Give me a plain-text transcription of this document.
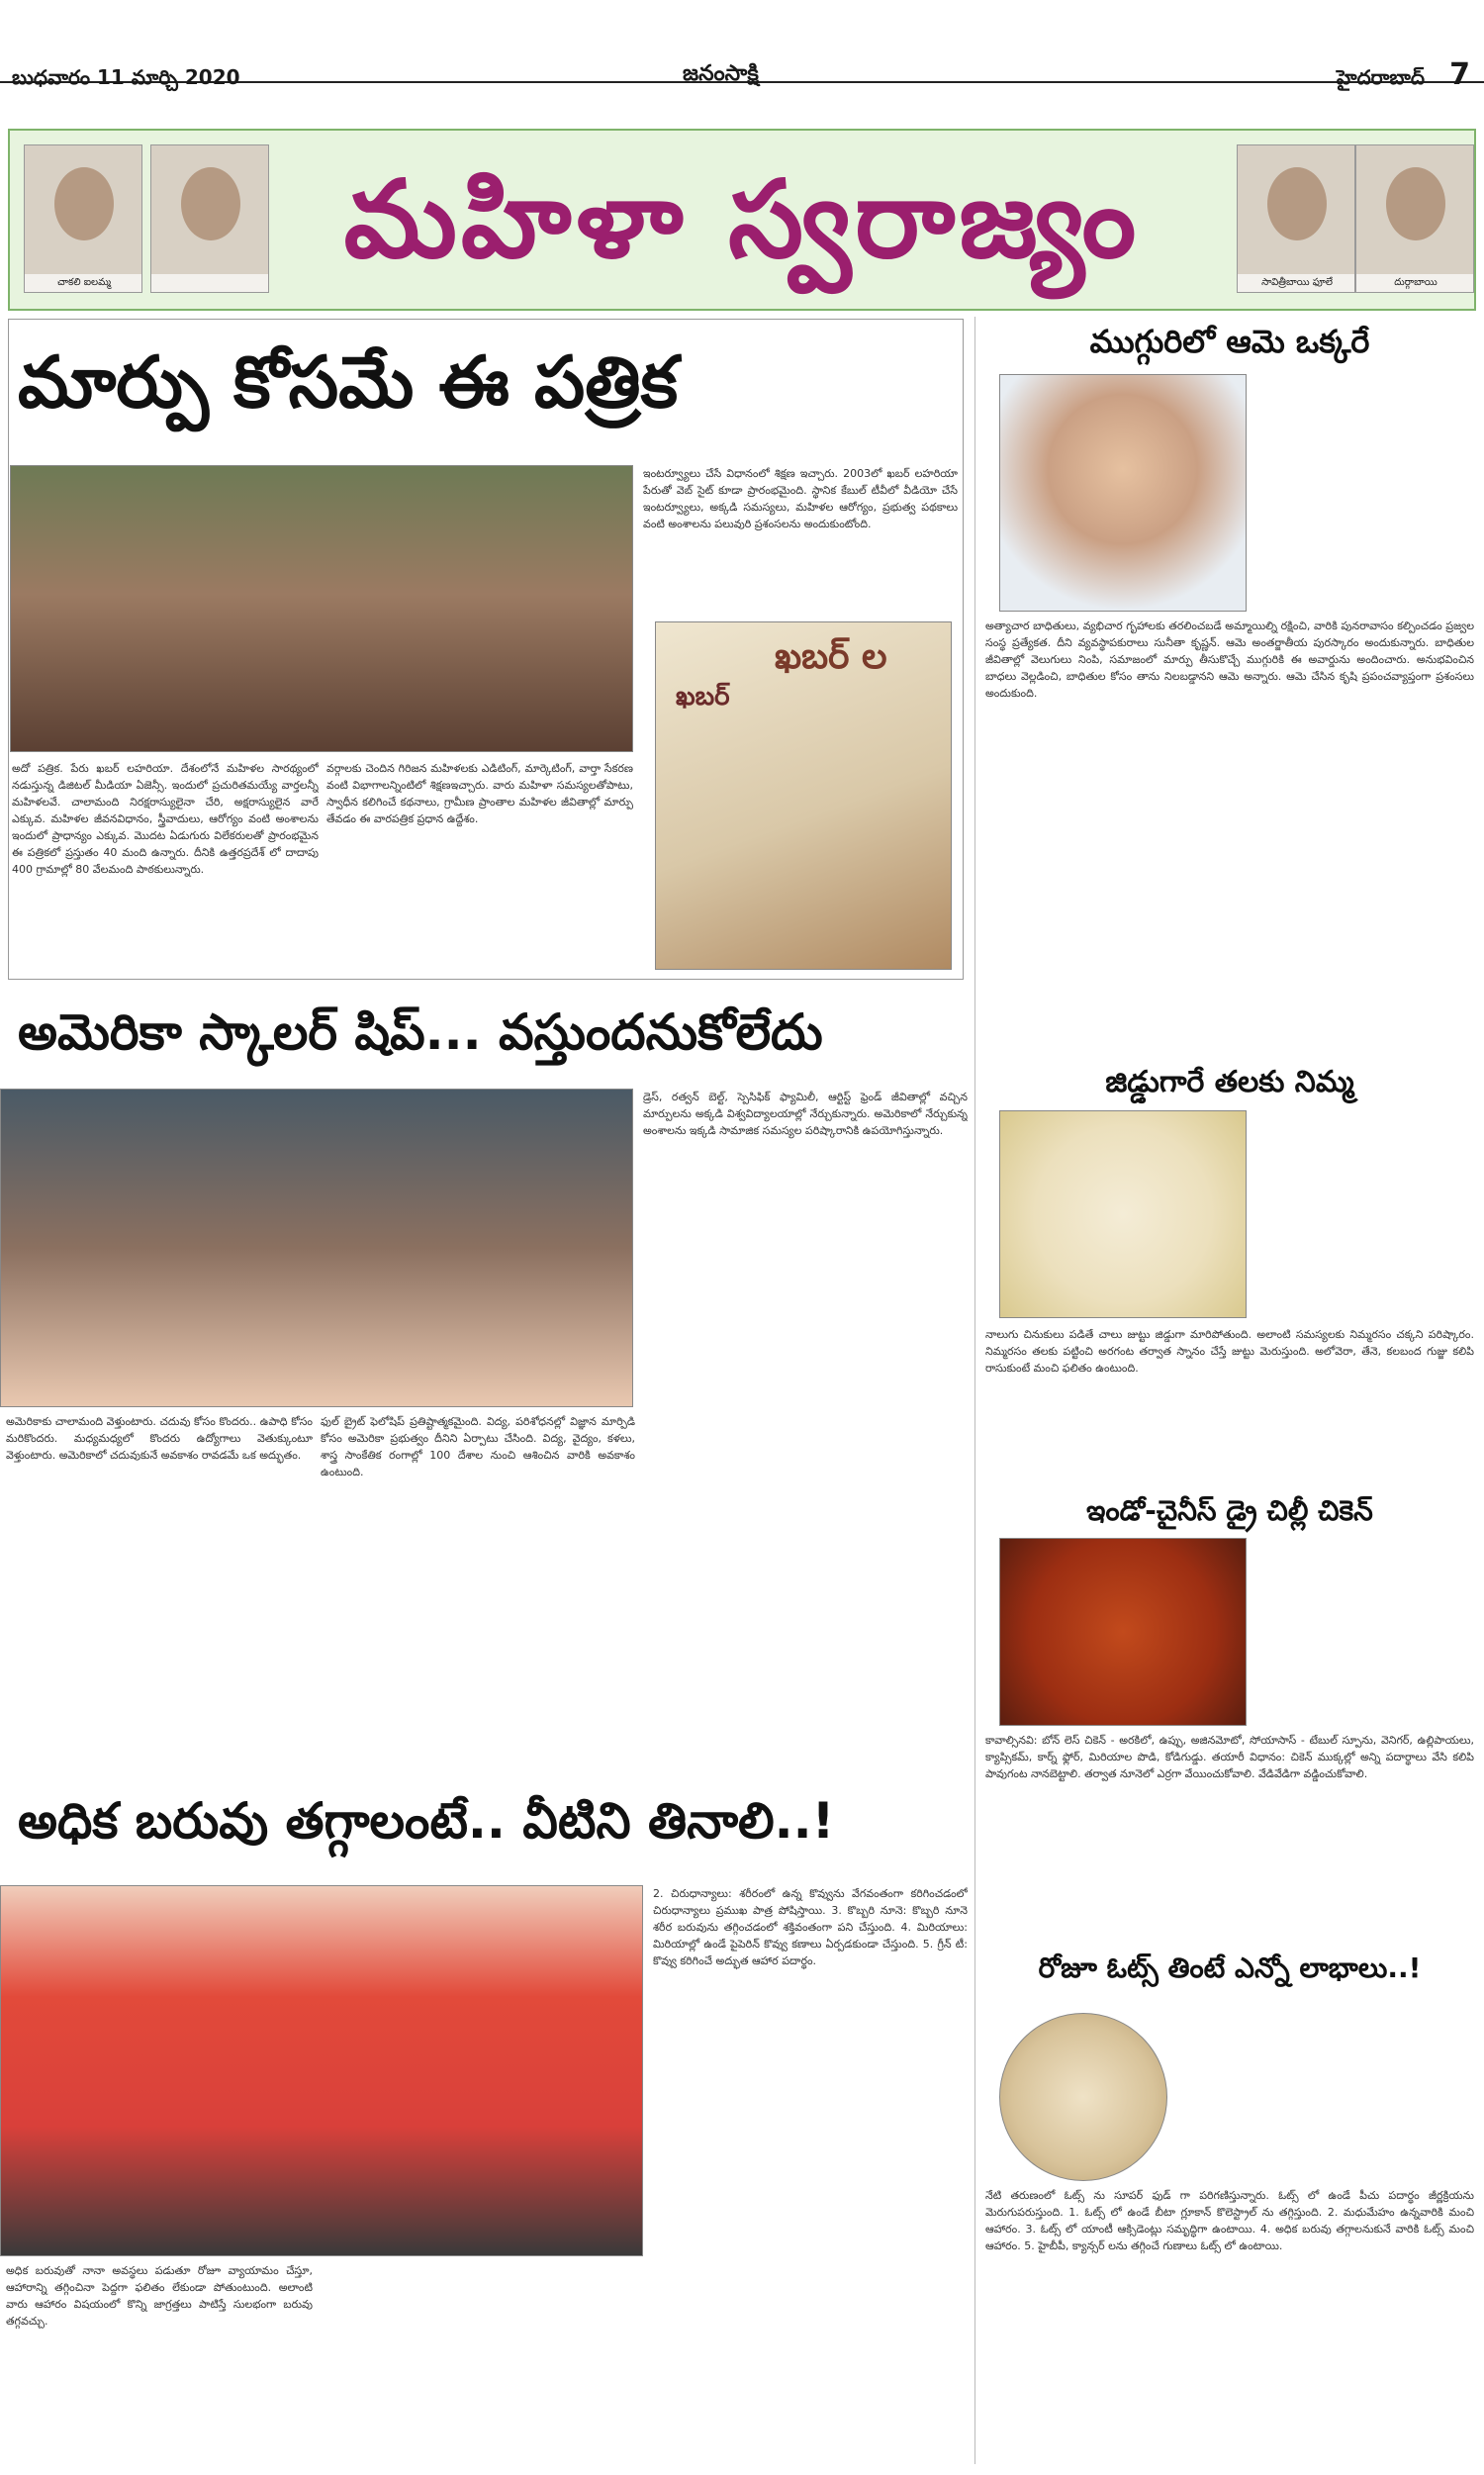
బుధవారం 11 మార్చి 2020	జనంసాక్షి	హైదరాబాద్ 7
చాకలి ఐలమ్మ
మహిళా స్వరాజ్యం
సావిత్రీబాయి ఫూలే	దుర్గాబాయి
మార్పు కోసమే ఈ పత్రిక
అదో పత్రిక. పేరు ఖబర్ లహరియా. దేశంలోనే మహిళల సారథ్యంలో నడుస్తున్న డిజిటల్ మీడియా ఏజెన్సీ. ఇందులో ప్రచురితమయ్యే వార్తలన్నీ మహిళలవే. చాలామంది నిరక్షరాస్యులైనా చేరి, అక్షరాస్యులైన వారే ఎక్కువ. మహిళల జీవనవిధానం, స్త్రీవాదులు, ఆరోగ్యం వంటి అంశాలను ఇందులో ప్రాధాన్యం ఎక్కువ. మొదట ఏడుగురు విలేకరులతో ప్రారంభమైన ఈ పత్రికలో ప్రస్తుతం 40 మంది ఉన్నారు. దీనికి ఉత్తరప్రదేశ్ లో దాదాపు 400 గ్రామాల్లో 80 వేలమంది పాఠకులున్నారు.
వర్గాలకు చెందిన గిరిజన మహిళలకు ఎడిటింగ్, మార్కెటింగ్, వార్తా సేకరణ వంటి విభాగాలన్నింటిలో శిక్షణఇచ్చారు. వారు మహిళా సమస్యలతోపాటు, స్వాధీన కలిగించే కథనాలు, గ్రామీణ ప్రాంతాల మహిళల జీవితాల్లో మార్పు తేవడం ఈ వారపత్రిక ప్రధాన ఉద్దేశం.
ఇంటర్వ్యూలు చేసే విధానంలో శిక్షణ ఇచ్చారు. 2003లో ఖబర్ లహరియా పేరుతో వెబ్ సైట్ కూడా ప్రారంభమైంది. స్థానిక కేబుల్ టీవీలో వీడియో చేసే ఇంటర్వ్యూలు, అక్కడి సమస్యలు, మహిళల ఆరోగ్యం, ప్రభుత్వ పథకాలు వంటి అంశాలను పలువురి ప్రశంసలను అందుకుంటోంది.
ఖబర్ ల
ఖబర్
అమెరికా స్కాలర్ షిప్... వస్తుందనుకోలేదు
అమెరికాకు చాలామంది వెళ్తుంటారు. చదువు కోసం కొందరు.. ఉపాధి కోసం మరికొందరు. మధ్యమధ్యలో కొందరు ఉద్యోగాలు వెతుక్కుంటూ వెళ్తుంటారు. అమెరికాలో చదువుకునే అవకాశం రావడమే ఒక అద్భుతం.
ఫుల్ బ్రైట్ ఫెలోషిప్ ప్రతిష్టాత్మకమైంది. విద్య, పరిశోధనల్లో విజ్ఞాన మార్పిడి కోసం అమెరికా ప్రభుత్వం దీనిని ఏర్పాటు చేసింది. విద్య, వైద్యం, కళలు, శాస్త్ర సాంకేతిక రంగాల్లో 100 దేశాల నుంచి ఆశించిన వారికి అవకాశం ఉంటుంది.
డ్రెస్, రత్వన్ బెల్ట్, స్పెసిఫిక్ ఫ్యామిలీ, ఆర్టిస్ట్ ఫ్రెండ్ జీవితాల్లో వచ్చిన మార్పులను అక్కడి విశ్వవిద్యాలయాల్లో నేర్చుకున్నారు. అమెరికాలో నేర్చుకున్న అంశాలను ఇక్కడి సామాజిక సమస్యల పరిష్కారానికి ఉపయోగిస్తున్నారు.
అధిక బరువు తగ్గాలంటే.. వీటిని తినాలి..!
అధిక బరువుతో నానా అవస్థలు పడుతూ రోజూ వ్యాయామం చేస్తూ, ఆహారాన్ని తగ్గించినా పెద్దగా ఫలితం లేకుండా పోతుంటుంది. అలాంటి వారు ఆహారం విషయంలో కొన్ని జాగ్రత్తలు పాటిస్తే సులభంగా బరువు తగ్గవచ్చు.
2. చిరుధాన్యాలు: శరీరంలో ఉన్న కొవ్వును వేగవంతంగా కరిగించడంలో చిరుధాన్యాలు ప్రముఖ పాత్ర పోషిస్తాయి. 3. కొబ్బరి నూనె: కొబ్బరి నూనె శరీర బరువును తగ్గించడంలో శక్తివంతంగా పని చేస్తుంది. 4. మిరియాలు: మిరియాల్లో ఉండే పైపెరిన్ కొవ్వు కణాలు ఏర్పడకుండా చేస్తుంది. 5. గ్రీన్ టీ: కొవ్వు కరిగించే అద్భుత ఆహార పదార్థం.
ముగ్గురిలో ఆమె ఒక్కరే
అత్యాచార బాధితులు, వ్యభిచార గృహాలకు తరలించబడే అమ్మాయిల్ని రక్షించి, వారికి పునరావాసం కల్పించడం ప్రజ్వల సంస్థ ప్రత్యేకత. దీని వ్యవస్థాపకురాలు సునీతా కృష్ణన్. ఆమె అంతర్జాతీయ పురస్కారం అందుకున్నారు. బాధితుల జీవితాల్లో వెలుగులు నింపి, సమాజంలో మార్పు తీసుకొచ్చే ముగ్గురికి ఈ అవార్డును అందించారు. అనుభవించిన బాధలు వెల్లడించి, బాధితుల కోసం తాను నిలబడ్డానని ఆమె అన్నారు. ఆమె చేసిన కృషి ప్రపంచవ్యాప్తంగా ప్రశంసలు అందుకుంది.
జిడ్డుగారే తలకు నిమ్మ
నాలుగు చినుకులు పడితే చాలు జుట్టు జిడ్డుగా మారిపోతుంది. అలాంటి సమస్యలకు నిమ్మరసం చక్కని పరిష్కారం. నిమ్మరసం తలకు పట్టించి అరగంట తర్వాత స్నానం చేస్తే జుట్టు మెరుస్తుంది. అలోవెరా, తేనె, కలబంద గుజ్జు కలిపి రాసుకుంటే మంచి ఫలితం ఉంటుంది.
ఇండో-చైనీస్ డ్రై చిల్లీ చికెన్
కావాల్సినవి: బోన్ లెస్ చికెన్ - అరకిలో, ఉప్పు, అజినమోటో, సోయాసాస్ - టేబుల్ స్పూను, వెనిగర్, ఉల్లిపాయలు, క్యాప్సికమ్, కార్న్ ఫ్లోర్, మిరియాల పొడి, కోడిగుడ్డు. తయారీ విధానం: చికెన్ ముక్కల్లో అన్ని పదార్థాలు వేసి కలిపి పావుగంట నానబెట్టాలి. తర్వాత నూనెలో ఎర్రగా వేయించుకోవాలి. వేడివేడిగా వడ్డించుకోవాలి.
రోజూ ఓట్స్ తింటే ఎన్నో లాభాలు..!
నేటి తరుణంలో ఓట్స్ ను సూపర్ ఫుడ్ గా పరిగణిస్తున్నారు. ఓట్స్ లో ఉండే పీచు పదార్థం జీర్ణక్రియను మెరుగుపరుస్తుంది. 1. ఓట్స్ లో ఉండే బీటా గ్లూకాన్ కొలెస్ట్రాల్ ను తగ్గిస్తుంది. 2. మధుమేహం ఉన్నవారికి మంచి ఆహారం. 3. ఓట్స్ లో యాంటీ ఆక్సిడెంట్లు సమృద్ధిగా ఉంటాయి. 4. అధిక బరువు తగ్గాలనుకునే వారికి ఓట్స్ మంచి ఆహారం. 5. హైబీపీ, క్యాన్సర్ లను తగ్గించే గుణాలు ఓట్స్ లో ఉంటాయి.
